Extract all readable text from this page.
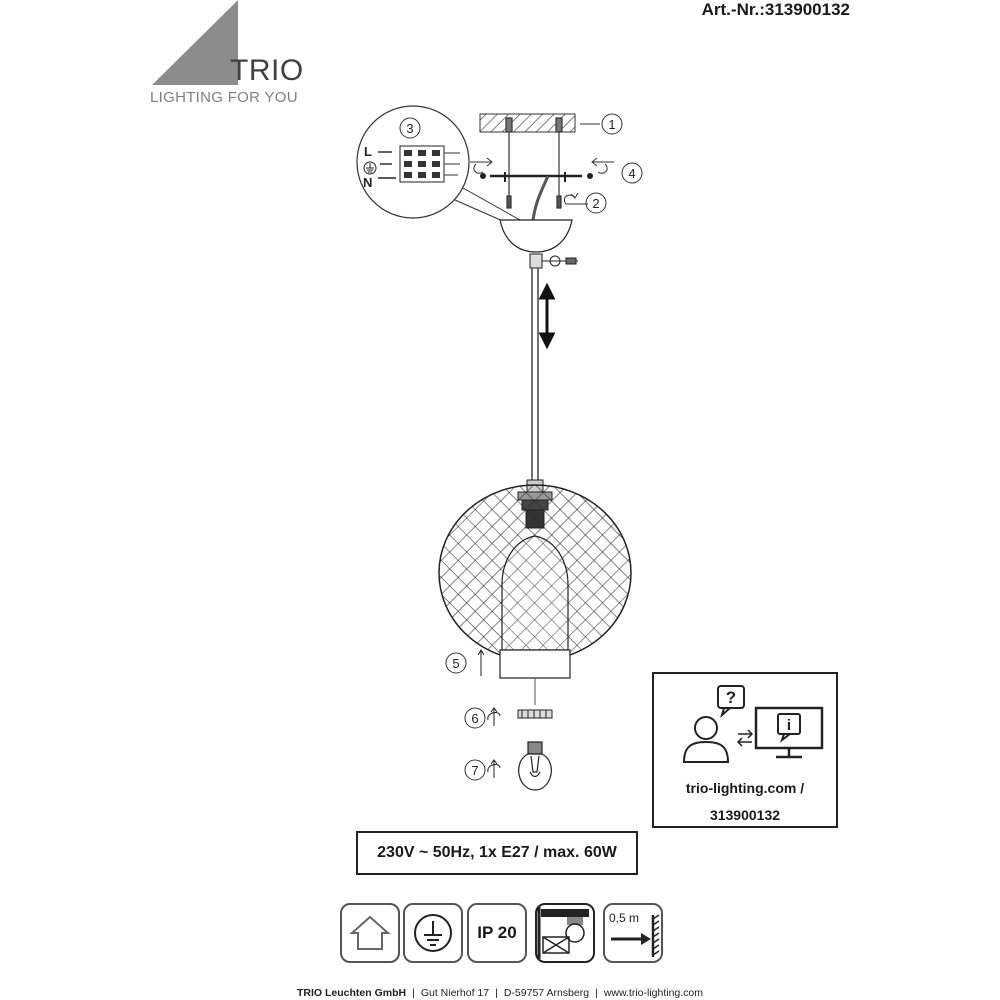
Art.-Nr.:313900132
TRIO
LIGHTING FOR YOU
1
4
2
3
L
N
5
6
7
?
i
trio-lighting.com /
313900132
230V ~ 50Hz, 1x E27 / max. 60W
IP 20
0,5 m
TRIO Leuchten GmbH | Gut Nierhof 17 | D-59757 Arnsberg | www.trio-lighting.com
